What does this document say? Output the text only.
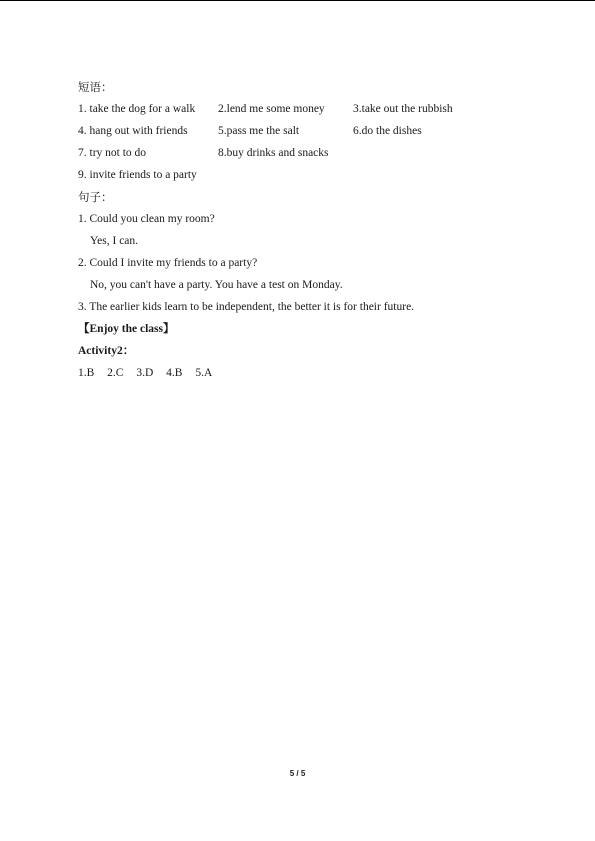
短语：
1. take the dog for a walk 2.lend me some money 3.take out the rubbish
4. hang out with friends	5.pass me the salt	6.do the dishes
7. try not to do	8.buy drinks and snacks
9. invite friends to a party
句子：
1. Could you clean my room?
Yes, I can.
2. Could I invite my friends to a party?
No, you can't have a party. You have a test on Monday.
3. The earlier kids learn to be independent, the better it is for their future.
【Enjoy the class】
Activity2：
1.B 2.C 3.D 4.B 5.A
5 / 5
